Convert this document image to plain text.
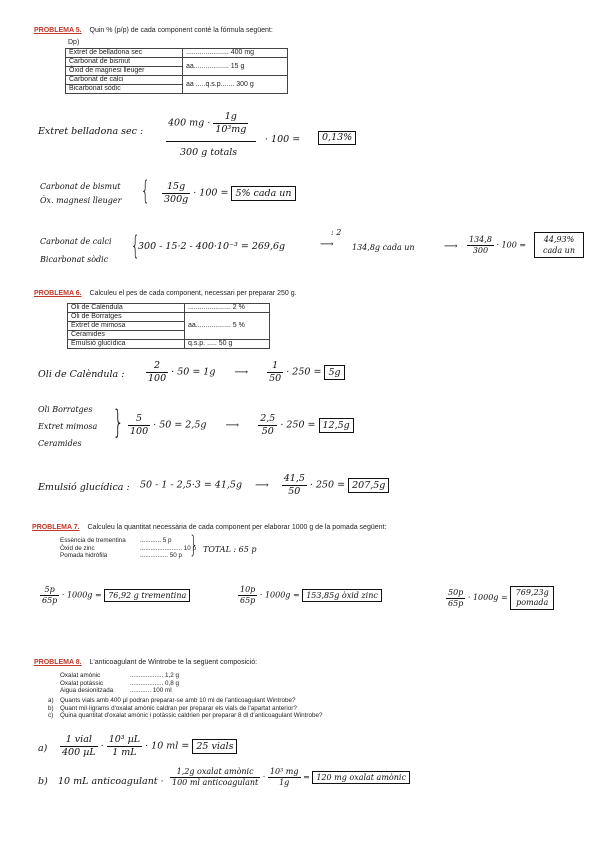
PROBLEMA 5. Quin % (p/p) de cada component conté la fórmula següent:
Dp)
Extret de belladona sec	...................... 400 mg
Carbonat de bismut	aa.................. 15 g
Òxid de magnesi lleuger	
Carbonat de calci	aa .....q.s.p....... 300 g
Bicarbonat sòdic	
Extret belladona sec :
400 mg · $\frac{1g}{\text{10³mg}}$
300 g totals
· 100 =	0,13%
Carbonat de bismut
Òx. magnesi lleuger {	$\frac{15g}{300g} \cdot 100 = 5\%$ cada un
Carbonat de calci
Bicarbonat sòdic {
300 - 15·2 - 400·10⁻³ = 269,6g
: 2
⟶ 134,8g cada un	⟶ $\frac{134,8}{300} \cdot 100$ =
44,93% cada un
PROBLEMA 6. Calculeu el pes de cada component, necessari per preparar 250 g.
Oli de Calèndula	...................... 2 %
Oli de Borratges	aa.................. 5 %
Extret de mimosa	
Ceramides	
Emulsió glucídica	q.s.p. ..... 50 g
Oli de Calèndula : $\frac{2}{100} \cdot 50 = 1g$ ⟶ $\frac{1}{50} \cdot 250 = 5g$
Oli Borratges
Extret mimosa
Ceramides
} $\frac{5}{100} \cdot 50 = 2,5g$ ⟶ $\frac{2,5}{50} \cdot 250 = 12,5g$
Emulsió glucídica : 50 - 1 - 2,5·3 = 41,5g ⟶ $\frac{41,5}{50} \cdot 250 = 207,5g$
PROBLEMA 7. Calculeu la quantitat necessària de cada component per elaborar 1000 g de la pomada següent:
Essència de trementina ............ 5 p
Òxid de zinc	........................ 10 p
Pomada hidròfila	................ 50 p } TOTAL : 65 p
$\frac{5p}{65p} \cdot 1000g = 76,92$ g trementina	$\frac{10p}{65p} \cdot 1000g = 153,85g$ òxid zinc	$\frac{50p}{65p} \cdot 1000g = 769,23g$ pomada
PROBLEMA 8. L'anticoagulant de Wintrobe te la següent composició:
Oxalat amònic	................... 1,2 g
Oxalat potàssic	................... 0,8 g
Aigua desionitzada	............ 100 ml
a) Quants vials amb 400 µl podran preparar-se amb 10 ml de l'anticoagulant Wintrobe?
b) Quant mil·ligrams d'oxalat amònic caldran per preparar els vials de l'apartat anterior?
c) Quina quantitat d'oxalat amònic i potàssic caldrien per preparar 8 dl d'anticoagulant Wintrobe?
$a) \frac{\text{1 vial}}{\text{400 µL}} \cdot \frac{\text{10³ µL}}{1 mL} \cdot 10$ ml = 25 vials
b) 10 mL anticoagulant · $\frac{\text{1,2g oxalat amònic}}{\text{100 ml anticoagulant}} \cdot \frac{\text{10³ mg}}{1g} = 120$ mg oxalat amònic
